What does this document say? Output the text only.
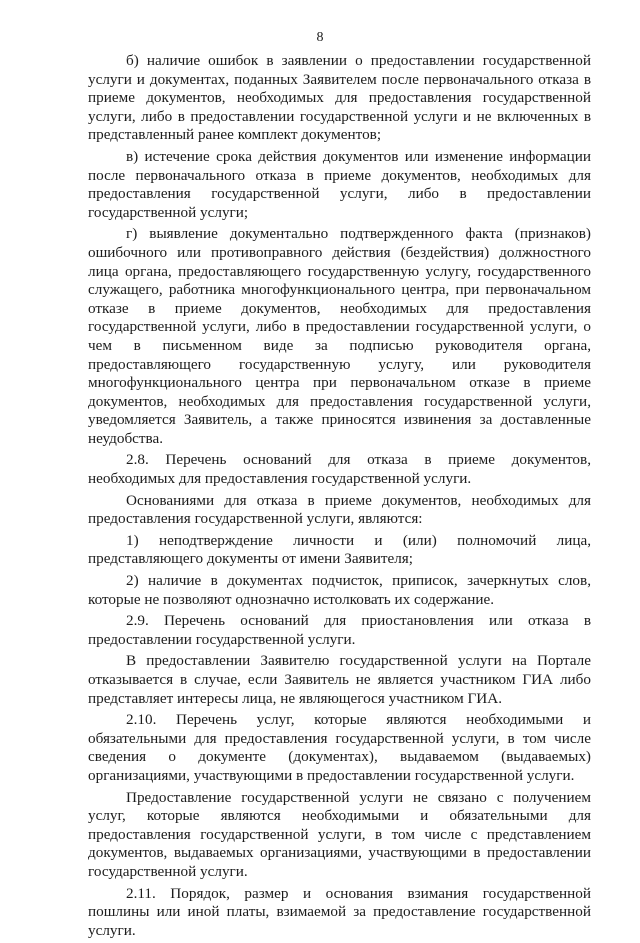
8

б) наличие ошибок в заявлении о предоставлении государственной услуги и документах, поданных Заявителем после первоначального отказа в приеме документов, необходимых для предоставления государственной услуги, либо в предоставлении государственной услуги и не включенных в представленный ранее комплект документов;

в) истечение срока действия документов или изменение информации после первоначального отказа в приеме документов, необходимых для предоставления государственной услуги, либо в предоставлении государственной услуги;

г) выявление документально подтвержденного факта (признаков) ошибочного или противоправного действия (бездействия) должностного лица органа, предоставляющего государственную услугу, государственного служащего, работника многофункционального центра, при первоначальном отказе в приеме документов, необходимых для предоставления государственной услуги, либо в предоставлении государственной услуги, о чем в письменном виде за подписью руководителя органа, предоставляющего государственную услугу, или руководителя многофункционального центра при первоначальном отказе в приеме документов, необходимых для предоставления государственной услуги, уведомляется Заявитель, а также приносятся извинения за доставленные неудобства.

2.8. Перечень оснований для отказа в приеме документов, необходимых для предоставления государственной услуги.

Основаниями для отказа в приеме документов, необходимых для предоставления государственной услуги, являются:

1) неподтверждение личности и (или) полномочий лица, представляющего документы от имени Заявителя;

2) наличие в документах подчисток, приписок, зачеркнутых слов, которые не позволяют однозначно истолковать их содержание.

2.9. Перечень оснований для приостановления или отказа в предоставлении государственной услуги.

В предоставлении Заявителю государственной услуги на Портале отказывается в случае, если Заявитель не является участником ГИА либо представляет интересы лица, не являющегося участником ГИА.

2.10. Перечень услуг, которые являются необходимыми и обязательными для предоставления государственной услуги, в том числе сведения о документе (документах), выдаваемом (выдаваемых) организациями, участвующими в предоставлении государственной услуги.

Предоставление государственной услуги не связано с получением услуг, которые являются необходимыми и обязательными для предоставления государственной услуги, в том числе с представлением документов, выдаваемых организациями, участвующими в предоставлении государственной услуги.

2.11. Порядок, размер и основания взимания государственной пошлины или иной платы, взимаемой за предоставление государственной услуги.
